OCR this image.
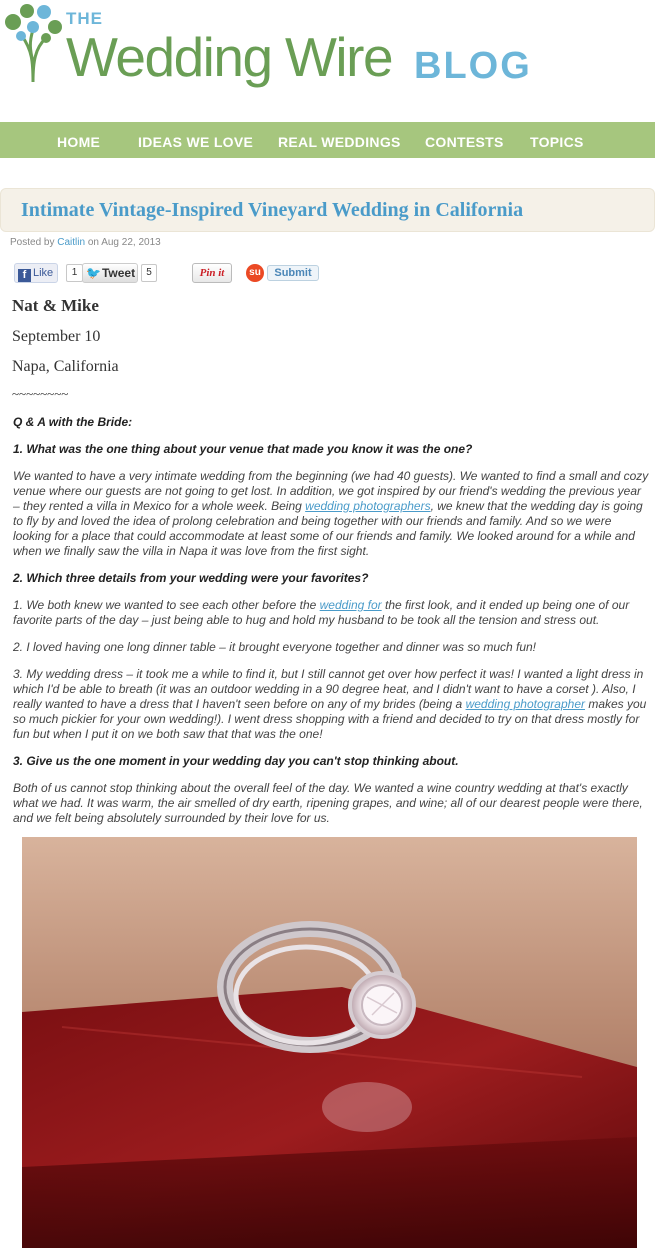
THE
Wedding Wire BLOG
HOME	IDEAS WE LOVE REAL WEDDINGS CONTESTS TOPICS
Intimate Vintage-Inspired Vineyard Wedding in California
Posted by Caitlin on Aug 22, 2013
f Like	1 🐦Tweet	5	Pin it	su	Submit
Nat & Mike
September 10
Napa, California
~~~~~~~~

Q & A with the Bride:

1. What was the one thing about your venue that made you know it was the one?

We wanted to have a very intimate wedding from the beginning (we had 40 guests). We wanted to find a small and cozy venue where our guests are not going to get lost. In addition, we got inspired by our friend's wedding the previous year – they rented a villa in Mexico for a whole week. Being wedding photographers, we knew that the wedding day is going to fly by and loved the idea of prolong celebration and being together with our friends and family. And so we were looking for a place that could accommodate at least some of our friends and family. We looked around for a while and when we finally saw the villa in Napa it was love from the first sight.

2. Which three details from your wedding were your favorites?

1. We both knew we wanted to see each other before the wedding for the first look, and it ended up being one of our favorite parts of the day – just being able to hug and hold my husband to be took all the tension and stress out.

2. I loved having one long dinner table – it brought everyone together and dinner was so much fun!

3. My wedding dress – it took me a while to find it, but I still cannot get over how perfect it was! I wanted a light dress in which I'd be able to breath (it was an outdoor wedding in a 90 degree heat, and I didn't want to have a corset ). Also, I really wanted to have a dress that I haven't seen before on any of my brides (being a wedding photographer makes you so much pickier for your own wedding!). I went dress shopping with a friend and decided to try on that dress mostly for fun but when I put it on we both saw that that was the one!

3. Give us the one moment in your wedding day you can't stop thinking about.

Both of us cannot stop thinking about the overall feel of the day. We wanted a wine country wedding at that's exactly what we had. It was warm, the air smelled of dry earth, ripening grapes, and wine; all of our dearest people were there, and we felt being absolutely surrounded by their love for us.
